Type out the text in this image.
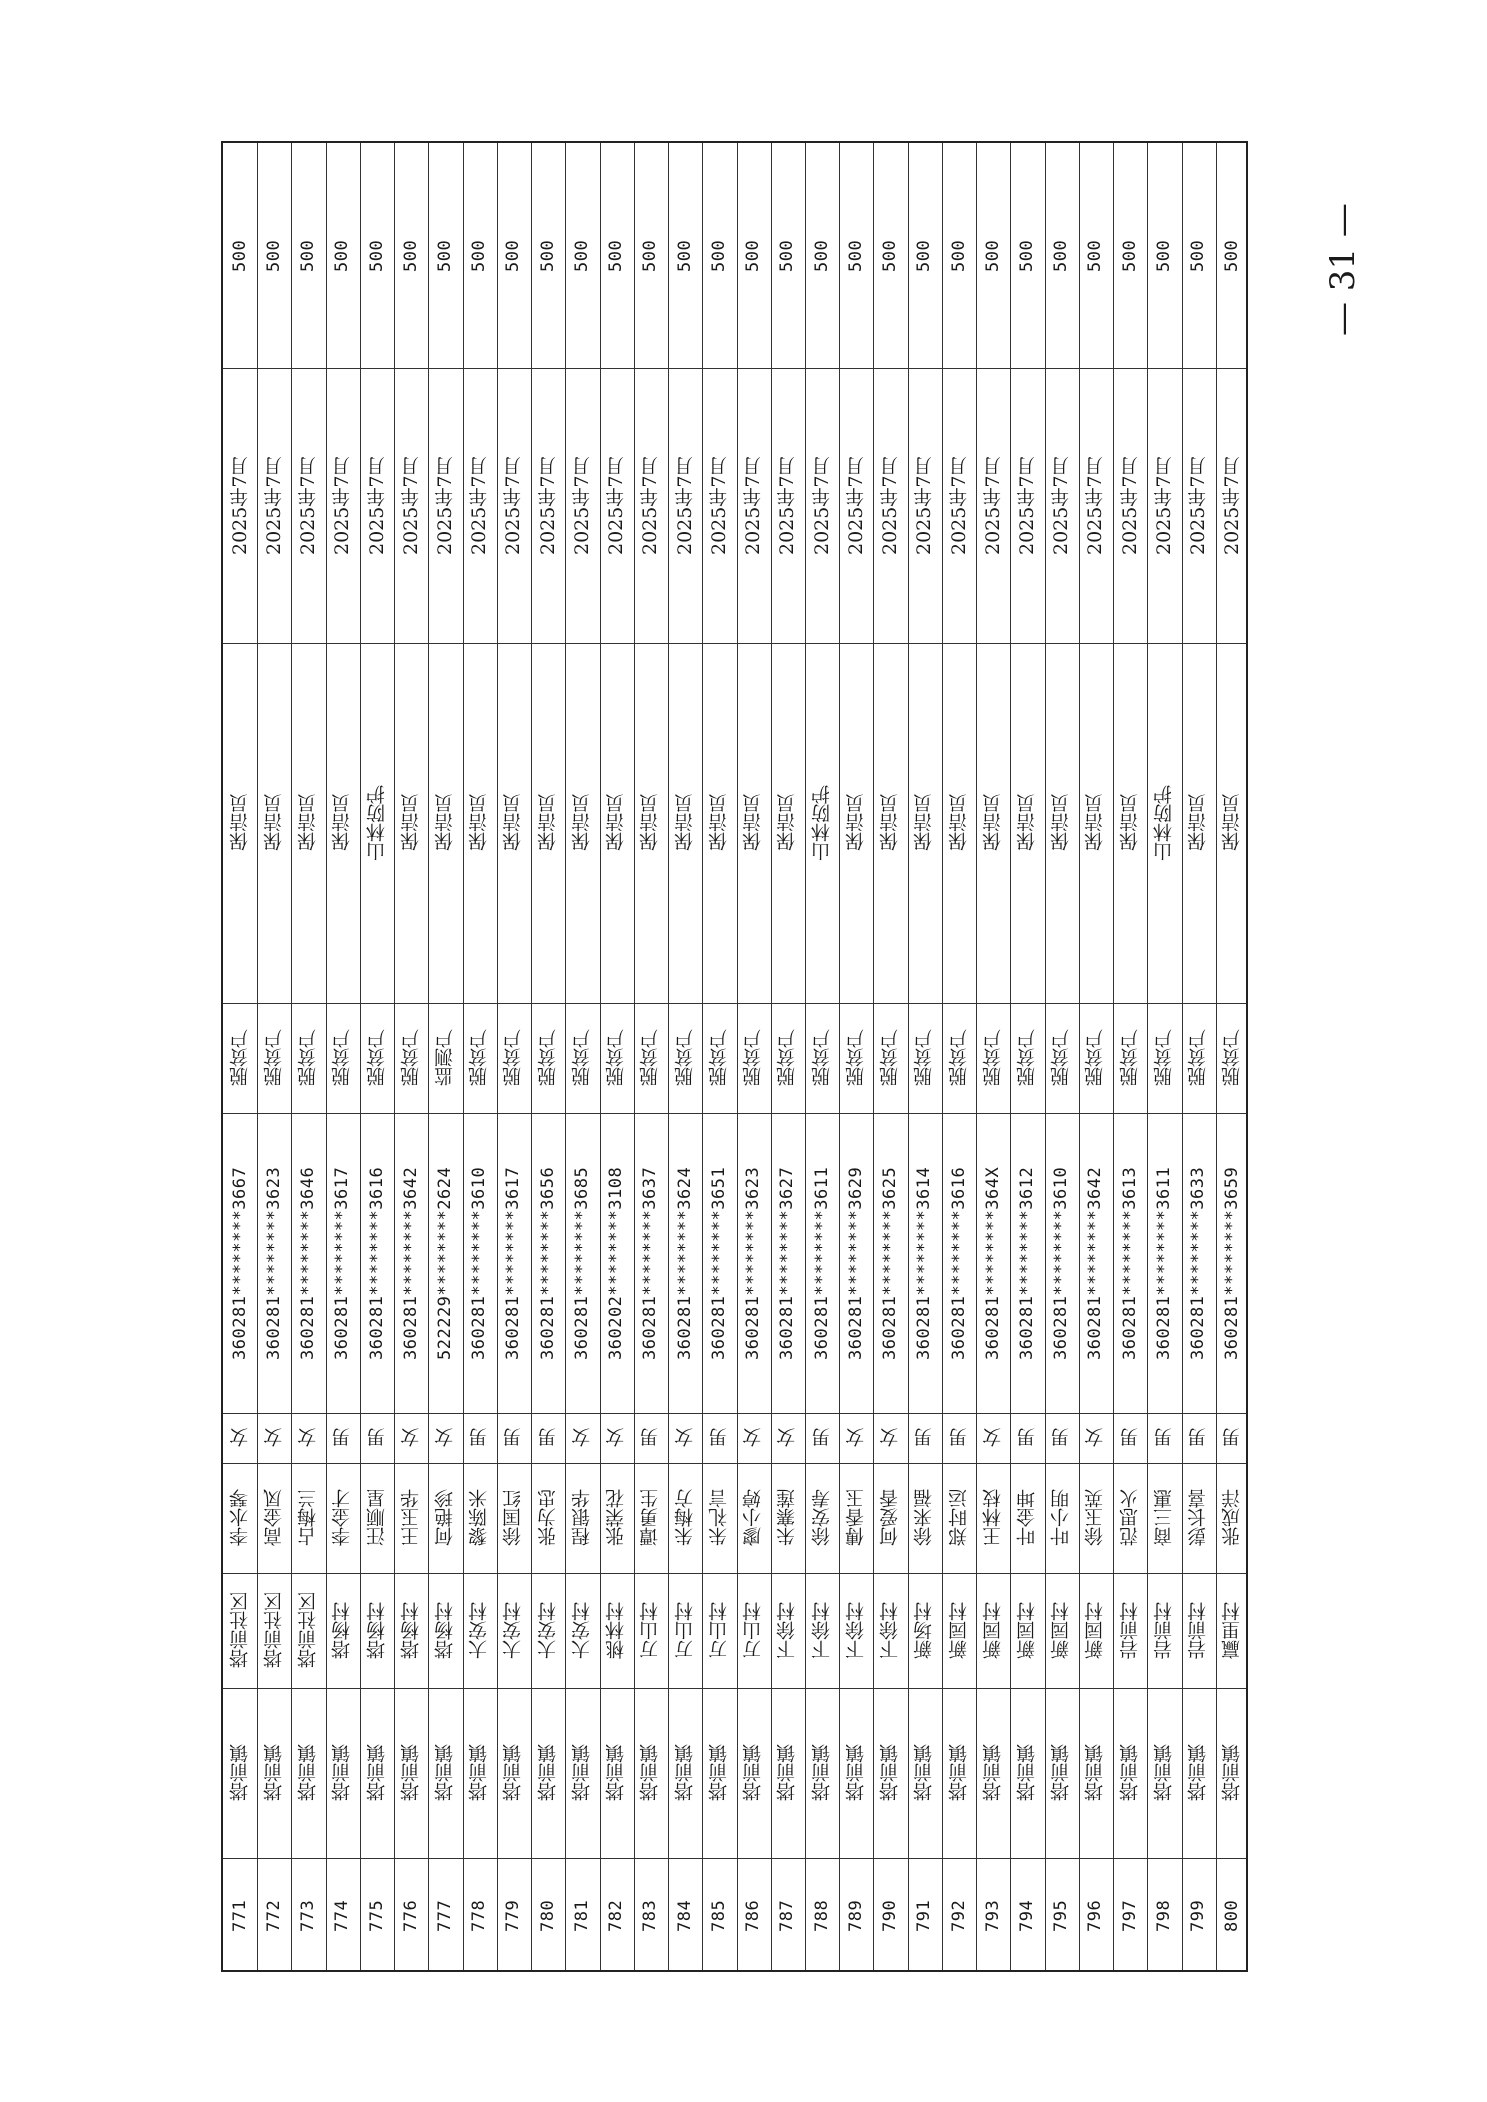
500
2025年7月
保洁员
脱贫户
360281********3667
女
李水琴
塔前社区
塔前镇
771
500
2025年7月
保洁员
脱贫户
360281********3623
女
高金凤
塔前社区
塔前镇
772
500
2025年7月
保洁员
脱贫户
360281********3646
女
占梅兰
塔前社区
塔前镇
773
500
2025年7月
保洁员
脱贫户
360281********3617
男
李金才
塔杨村
塔前镇
774
500
2025年7月
山林防护
脱贫户
360281********3616
男
汪顺星
塔杨村
塔前镇
775
500
2025年7月
保洁员
脱贫户
360281********3642
女
王玉华
塔杨村
塔前镇
776
500
2025年7月
保洁员
监测户
522229********2624
女
何艳珍
塔杨村
塔前镇
777
500
2025年7月
保洁员
脱贫户
360281********3610
男
黎陈米
大安村
塔前镇
778
500
2025年7月
保洁员
脱贫户
360281********3617
男
徐国红
大安村
塔前镇
779
500
2025年7月
保洁员
脱贫户
360281********3656
男
张为忠
大安村
塔前镇
780
500
2025年7月
保洁员
脱贫户
360281********3685
女
程银华
大安村
塔前镇
781
500
2025年7月
保洁员
脱贫户
360202********3108
女
张荣花
桃林村
塔前镇
782
500
2025年7月
保洁员
脱贫户
360281********3637
男
谭勇生
万山村
塔前镇
783
500
2025年7月
保洁员
脱贫户
360281********3624
女
朱梅方
万山村
塔前镇
784
500
2025年7月
保洁员
脱贫户
360281********3651
男
朱礼言
万山村
塔前镇
785
500
2025年7月
保洁员
脱贫户
360281********3623
女
廖小婷
万山村
塔前镇
786
500
2025年7月
保洁员
脱贫户
360281********3627
女
朱寨莲
下徐村
塔前镇
787
500
2025年7月
山林防护
脱贫户
360281********3611
男
徐安寿
下徐村
塔前镇
788
500
2025年7月
保洁员
脱贫户
360281********3629
女
傅香玉
下徐村
塔前镇
789
500
2025年7月
保洁员
脱贫户
360281********3625
女
何爱香
下徐村
塔前镇
790
500
2025年7月
保洁员
脱贫户
360281********3614
男
徐来福
新场村
塔前镇
791
500
2025年7月
保洁员
脱贫户
360281********3616
男
郑时运
新园村
塔前镇
792
500
2025年7月
保洁员
脱贫户
360281********364X
女
王林枝
新园村
塔前镇
793
500
2025年7月
保洁员
脱贫户
360281********3612
男
叶金坤
新园村
塔前镇
794
500
2025年7月
保洁员
脱贫户
360281********3610
男
叶小明
新园村
塔前镇
795
500
2025年7月
保洁员
脱贫户
360281********3642
女
徐玉英
新园村
塔前镇
796
500
2025年7月
保洁员
脱贫户
360281********3613
男
范思火
岩前村
塔前镇
797
500
2025年7月
山林防护
脱贫户
360281********3611
男
商三惠
岩前村
塔前镇
798
500
2025年7月
保洁员
脱贫户
360281********3633
男
彭长喜
岩前村
塔前镇
799
500
2025年7月
保洁员
脱贫户
360281********3659
男
张成洋
赢里村
塔前镇
800
— 31 —
